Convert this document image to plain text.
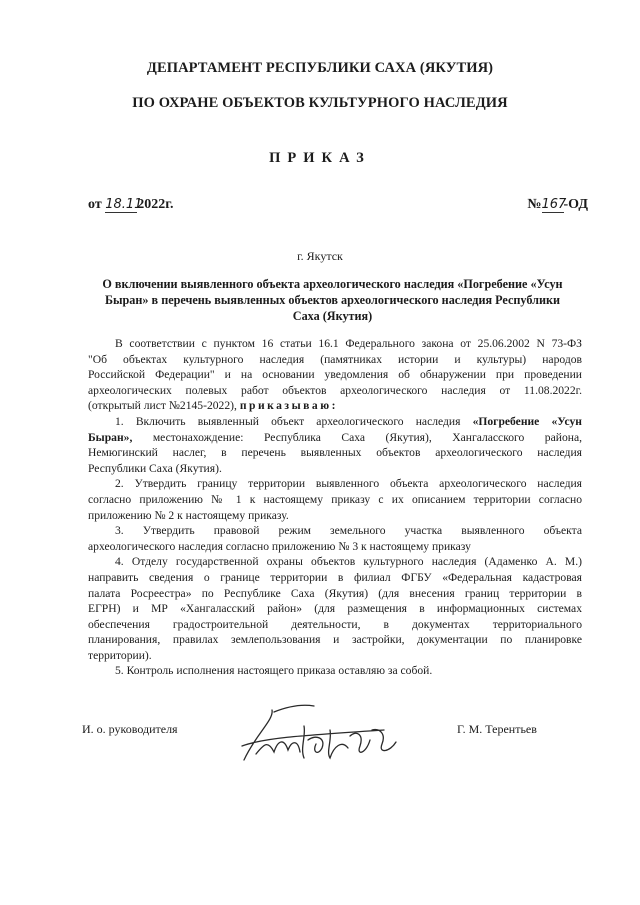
ДЕПАРТАМЕНТ РЕСПУБЛИКИ САХА (ЯКУТИЯ)
ПО ОХРАНЕ ОБЪЕКТОВ КУЛЬТУРНОГО НАСЛЕДИЯ
ПРИКАЗ
от 18.112022г.	№167-ОД
г. Якутск
О включении выявленного объекта археологического наследия «Погребение «Усун
Быран» в перечень выявленных объектов археологического наследия Республики
Саха (Якутия)

В соответствии с пунктом 16 статьи 16.1 Федерального закона от 25.06.2002 N 73-ФЗ

"Об объектах культурного наследия (памятниках истории и культуры) народов

Российской Федерации" и на основании уведомления об обнаружении при проведении

археологических полевых работ объектов археологического наследия от 11.08.2022г.

(открытый лист №2145-2022), приказываю:

1. Включить выявленный объект археологического наследия «Погребение «Усун

Быран», местонахождение: Республика Саха (Якутия), Хангаласского района,

Немюгинский наслег, в перечень выявленных объектов археологического наследия

Республики Саха (Якутия).

2. Утвердить границу территории выявленного объекта археологического наследия

согласно приложению № 1 к настоящему приказу с их описанием территории согласно

приложению № 2 к настоящему приказу.

3. Утвердить правовой режим земельного участка выявленного объекта

археологического наследия согласно приложению № 3 к настоящему приказу

4. Отделу государственной охраны объектов культурного наследия (Адаменко А. М.)

направить сведения о границе территории в филиал ФГБУ «Федеральная кадастровая

палата Росреестра» по Республике Саха (Якутия) (для внесения границ территории в

ЕГРН) и МР «Хангаласский район» (для размещения в информационных системах

обеспечения градостроительной деятельности, в документах территориального

планирования, правилах землепользования и застройки, документации по планировке

территории).

5. Контроль исполнения настоящего приказа оставляю за собой.

И. о. руководителя	Г. М. Терентьев
